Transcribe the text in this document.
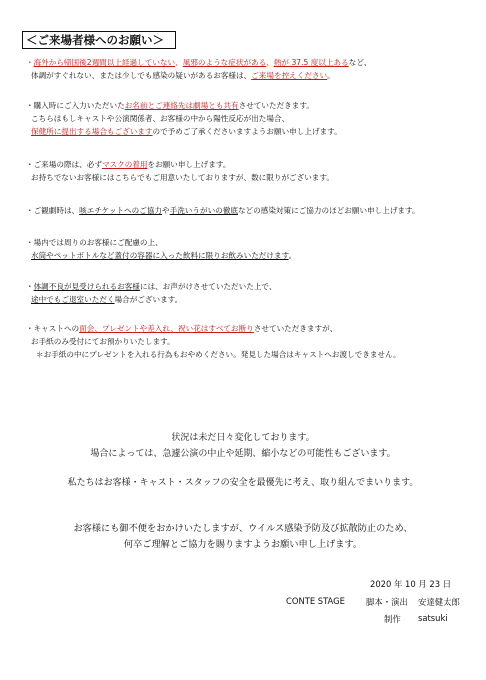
＜ご来場者様へのお願い＞
・海外から帰国後2週間以上経過していない、風邪のような症状がある、熱が 37.5 度以上あるなど、
体調がすぐれない、または少しでも感染の疑いがあるお客様は、ご来場を控えください。
・購入時にご入力いただいたお名前とご連絡先は劇場とも共有させていただきます。
こちらはもしキャストや公演関係者、お客様の中から陽性反応が出た場合、
保健所に提出する場合もございますので予めご了承くださいますようお願い申し上げます。
・ご来場の際は、必ずマスクの着用をお願い申し上げます。
お持ちでないお客様にはこちらでもご用意いたしておりますが、数に限りがございます。
・ご観劇時は、咳エチケットへのご協力や手洗いうがいの徹底などの感染対策にご協力のほどお願い申し上げます。
・場内では周りのお客様にご配慮の上、
水筒やペットボトルなど蓋付の容器に入った飲料に限りお飲みいただけます。
・体調不良が見受けられるお客様には、お声がけさせていただいた上で、
途中でもご退室いただく場合がございます。
・キャストへの面会、プレゼントや差入れ、祝い花はすべてお断りさせていただきますが、
お手紙のみ受付にてお預かりいたします。
＊お手紙の中にプレゼントを入れる行為もおやめください。発見した場合はキャストへお渡しできません。
状況は未だ日々変化しております。
場合によっては、急遽公演の中止や延期、縮小などの可能性もございます。
私たちはお客様・キャスト・スタッフの安全を最優先に考え、取り組んでまいります。
お客様にも御不便をおかけいたしますが、ウイルス感染予防及び拡散防止のため、
何卒ご理解とご協力を賜りますようお願い申し上げます。
2020 年 10 月 23 日
CONTE STAGE	脚本・演出 安達健太郎
制作 satsuki
